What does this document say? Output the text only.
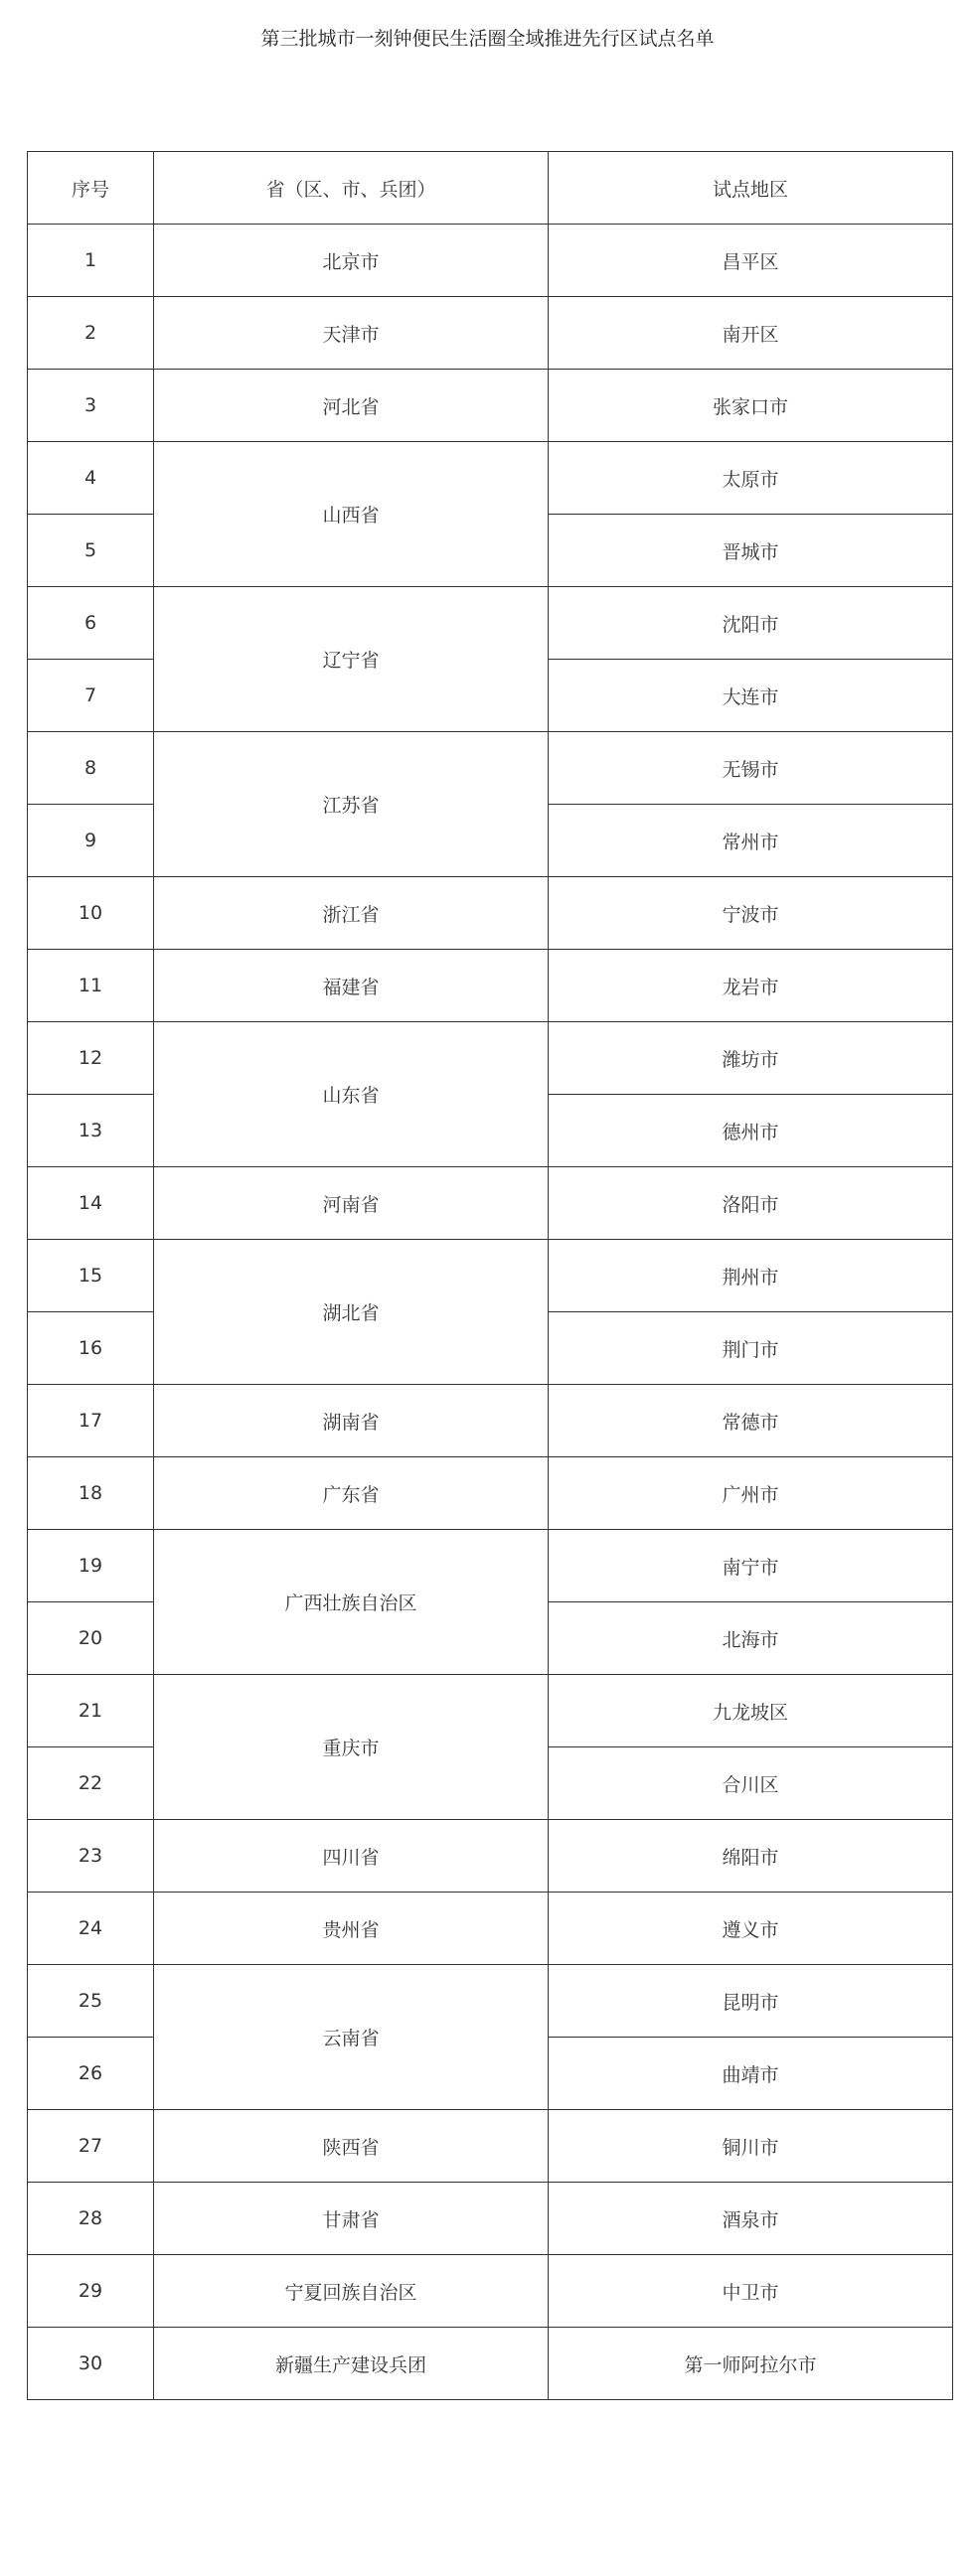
第三批城市一刻钟便民生活圈全域推进先行区试点名单
序号	省（区、市、兵团）	试点地区
1	北京市	昌平区
2	天津市	南开区
3	河北省	张家口市
4	山西省	太原市
5		晋城市
6	辽宁省	沈阳市
7		大连市
8	江苏省	无锡市
9		常州市
10	浙江省	宁波市
11	福建省	龙岩市
12	山东省	潍坊市
13		德州市
14	河南省	洛阳市
15	湖北省	荆州市
16		荆门市
17	湖南省	常德市
18	广东省	广州市
19	广西壮族自治区	南宁市
20		北海市
21	重庆市	九龙坡区
22		合川区
23	四川省	绵阳市
24	贵州省	遵义市
25	云南省	昆明市
26		曲靖市
27	陕西省	铜川市
28	甘肃省	酒泉市
29	宁夏回族自治区	中卫市
30	新疆生产建设兵团	第一师阿拉尔市
